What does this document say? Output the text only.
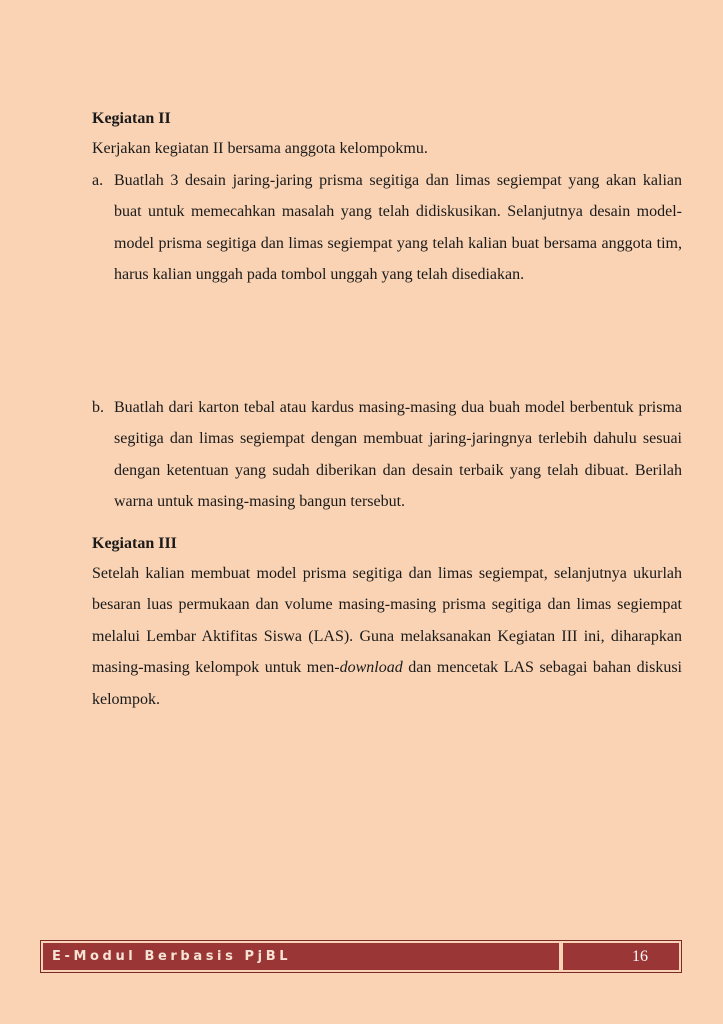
Kegiatan II

Kerjakan kegiatan II bersama anggota kelompokmu.

a. Buatlah 3 desain jaring-jaring prisma segitiga dan limas segiempat yang akan kalian buat untuk memecahkan masalah yang telah didiskusikan. Selanjutnya desain model-model prisma segitiga dan limas segiempat yang telah kalian buat bersama anggota tim, harus kalian unggah pada tombol unggah yang telah disediakan.
b. Buatlah dari karton tebal atau kardus masing-masing dua buah model berbentuk prisma segitiga dan limas segiempat dengan membuat jaring-jaringnya terlebih dahulu sesuai dengan ketentuan yang sudah diberikan dan desain terbaik yang telah dibuat. Berilah warna untuk masing-masing bangun tersebut.

Kegiatan III

Setelah kalian membuat model prisma segitiga dan limas segiempat, selanjutnya ukurlah besaran luas permukaan dan volume masing-masing prisma segitiga dan limas segiempat melalui Lembar Aktifitas Siswa (LAS). Guna melaksanakan Kegiatan III ini, diharapkan masing-masing kelompok untuk men-download dan mencetak LAS sebagai bahan diskusi kelompok.

E-Modul Berbasis PjBL	16
